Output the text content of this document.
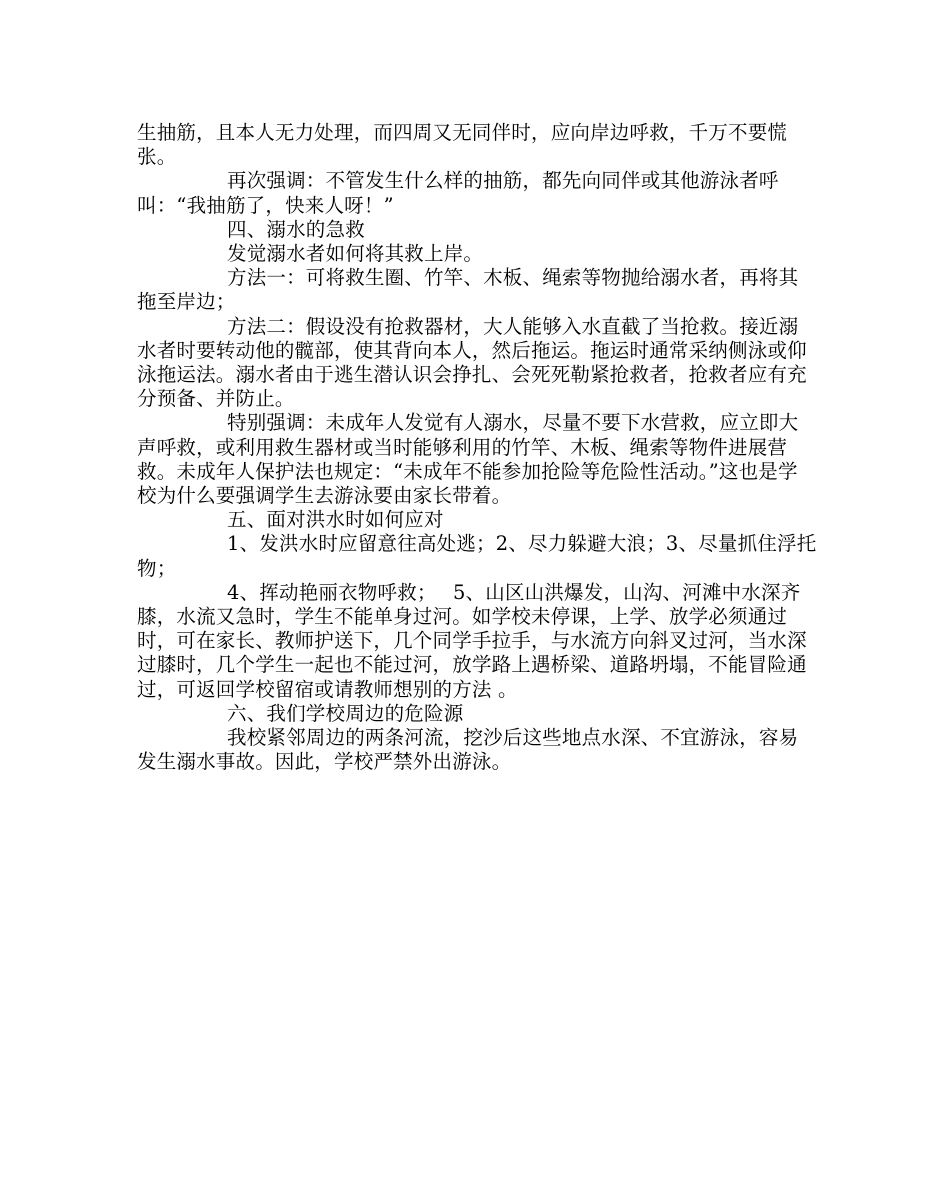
生抽筋，且本人无力处理，而四周又无同伴时，应向岸边呼救，千万不要慌张。

再次强调：不管发生什么样的抽筋，都先向同伴或其他游泳者呼叫：“我抽筋了，快来人呀！”

四、溺水的急救

发觉溺水者如何将其救上岸。

方法一：可将救生圈、竹竿、木板、绳索等物抛给溺水者，再将其拖至岸边；

方法二：假设没有抢救器材，大人能够入水直截了当抢救。接近溺水者时要转动他的髋部，使其背向本人，然后拖运。拖运时通常采纳侧泳或仰泳拖运法。溺水者由于逃生潜认识会挣扎、会死死勒紧抢救者，抢救者应有充分预备、并防止。

特别强调：未成年人发觉有人溺水，尽量不要下水营救，应立即大声呼救，或利用救生器材或当时能够利用的竹竿、木板、绳索等物件进展营救。未成年人保护法也规定：“未成年不能参加抢险等危险性活动。”这也是学校为什么要强调学生去游泳要由家长带着。

五、面对洪水时如何应对

1、发洪水时应留意往高处逃；2、尽力躲避大浪；3、尽量抓住浮托物；

4、挥动艳丽衣物呼救；　 5、山区山洪爆发，山沟、河滩中水深齐膝，水流又急时，学生不能单身过河。如学校未停课，上学、放学必须通过时，可在家长、教师护送下，几个同学手拉手，与水流方向斜叉过河，当水深过膝时，几个学生一起也不能过河，放学路上遇桥梁、道路坍塌，不能冒险通过，可返回学校留宿或请教师想别的方法 。

六、我们学校周边的危险源

我校紧邻周边的两条河流，挖沙后这些地点水深、不宜游泳，容易发生溺水事故。因此，学校严禁外出游泳。
